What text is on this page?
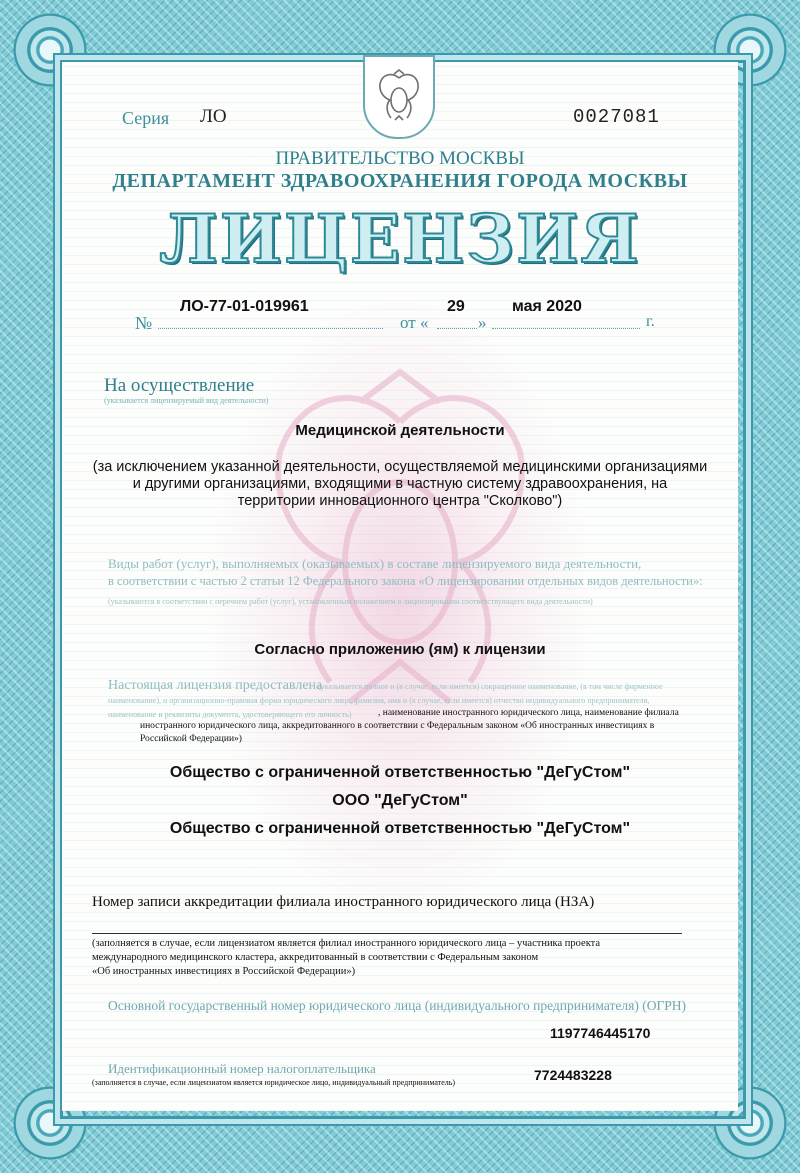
Серия ЛО	0027081
ПРАВИТЕЛЬСТВО МОСКВЫ
ДЕПАРТАМЕНТ ЗДРАВООХРАНЕНИЯ ГОРОДА МОСКВЫ
ЛИЦЕНЗИЯ
№
ЛО-77-01-019961
от «
29
»
мая 2020
г.
На осуществление
(указывается лицензируемый вид деятельности)
Медицинской деятельности
(за исключением указанной деятельности, осуществляемой медицинскими организациями
и другими организациями, входящими в частную систему здравоохранения, на
территории инновационного центра "Сколково")
Виды работ (услуг), выполняемых (оказываемых) в составе лицензируемого вида деятельности,
в соответствии с частью 2 статьи 12 Федерального закона «О лицензировании отдельных видов деятельности»:
(указываются в соответствии с перечнем работ (услуг), установленным положением о лицензировании соответствующего вида деятельности)
Согласно приложению (ям) к лицензии
Настоящая лицензия предоставлена
(указывается полное и (в случае, если имеется) сокращенное наименование, (в том числе фирменное
наименование), и организационно-правовая форма юридического лица, фамилия, имя и (в случае, если имеется) отчество индивидуального предпринимателя,
наименование и реквизиты документа, удостоверяющего его личность)	, наименование иностранного юридического лица, наименование филиала
иностранного юридического лица, аккредитованного в соответствии с Федеральным законом «Об иностранных инвестициях в
Российской Федерации»)
Общество с ограниченной ответственностью "ДеГуСтом"
ООО "ДеГуСтом"
Общество с ограниченной ответственностью "ДеГуСтом"
Номер записи аккредитации филиала иностранного юридического лица (НЗА)
(заполняется в случае, если лицензиатом является филиал иностранного юридического лица – участника проекта
международного медицинского кластера, аккредитованный в соответствии с Федеральным законом
«Об иностранных инвестициях в Российской Федерации»)
Основной государственный номер юридического лица (индивидуального предпринимателя) (ОГРН)
1197746445170
Идентификационный номер налогоплательщика
(заполняется в случае, если лицензиатом является юридическое лицо, индивидуальный предприниматель)	7724483228
